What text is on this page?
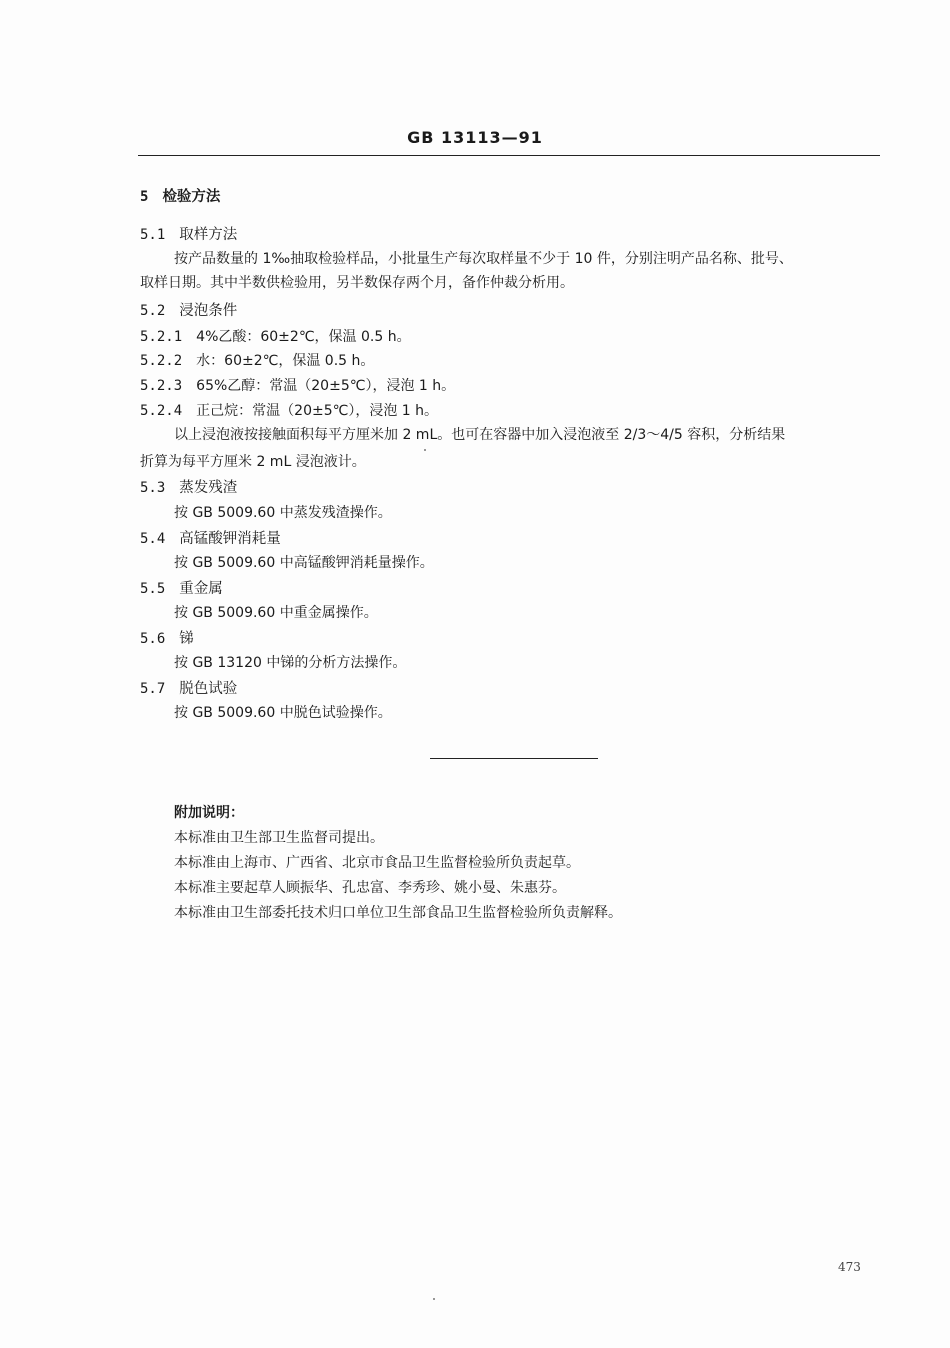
GB 13113—91
5 检验方法
5.1 取样方法
按产品数量的 1‰抽取检验样品，小批量生产每次取样量不少于 10 件，分别注明产品名称、批号、
取样日期。其中半数供检验用，另半数保存两个月，备作仲裁分析用。
5.2 浸泡条件
5.2.1 4%乙酸：60±2℃，保温 0.5 h。
5.2.2 水：60±2℃，保温 0.5 h。
5.2.3 65%乙醇：常温（20±5℃），浸泡 1 h。
5.2.4 正己烷：常温（20±5℃），浸泡 1 h。
以上浸泡液按接触面积每平方厘米加 2 mL。也可在容器中加入浸泡液至 2/3～4/5 容积，分析结果
折算为每平方厘米 2 mL 浸泡液计。
5.3 蒸发残渣
按 GB 5009.60 中蒸发残渣操作。
5.4 高锰酸钾消耗量
按 GB 5009.60 中高锰酸钾消耗量操作。
5.5 重金属
按 GB 5009.60 中重金属操作。
5.6 锑
按 GB 13120 中锑的分析方法操作。
5.7 脱色试验
按 GB 5009.60 中脱色试验操作。
附加说明：
本标准由卫生部卫生监督司提出。
本标准由上海市、广西省、北京市食品卫生监督检验所负责起草。
本标准主要起草人顾振华、孔忠富、李秀珍、姚小曼、朱惠芬。
本标准由卫生部委托技术归口单位卫生部食品卫生监督检验所负责解释。
473
